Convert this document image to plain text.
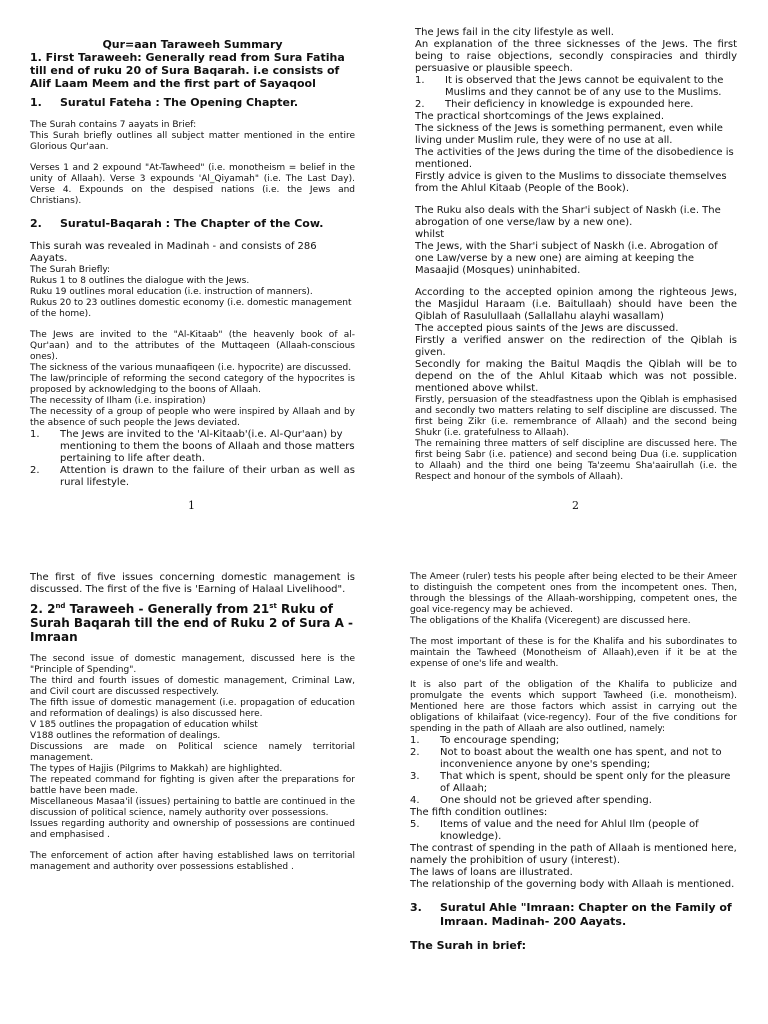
Qur=aan Taraweeh Summary

1. First Taraweeh: Generally read from Sura Fatiha till end of ruku 20 of Sura Baqarah. i.e consists of Alif Laam Meem and the first part of Sayaqool

1.	Suratul Fateha : The Opening Chapter.

The Surah contains 7 aayats in Brief:

This Surah briefly outlines all subject matter mentioned in the entire Glorious Qur'aan.

Verses 1 and 2 expound "At-Tawheed" (i.e. monotheism = belief in the unity of Allaah). Verse 3 expounds 'Al_Qiyamah" (i.e. The Last Day). Verse 4. Expounds on the despised nations (i.e. the Jews and Christians).

2.	Suratul-Baqarah : The Chapter of the Cow.

This surah was revealed in Madinah - and consists of 286 Aayats.

The Surah Briefly:

Rukus 1 to 8 outlines the dialogue with the Jews.

Ruku 19 outlines moral education (i.e. instruction of manners).

Rukus 20 to 23 outlines domestic economy (i.e. domestic management of the home).

The Jews are invited to the "Al-Kitaab" (the heavenly book of al-Qur'aan) and to the attributes of the Muttaqeen (Allaah-conscious ones).

The sickness of the various munaafiqeen (i.e. hypocrite) are discussed.

The law/principle of reforming the second category of the hypocrites is proposed by acknowledging to the boons of Allaah.

The necessity of Ilham (i.e. inspiration)

The necessity of a group of people who were inspired by Allaah and by the absence of such people the Jews deviated.

1.	The Jews are invited to the 'Al-Kitaab'(i.e. Al-Qur'aan) by mentioning to them the boons of Allaah and those matters pertaining to life after death.
2.	Attention is drawn to the failure of their urban as well as rural lifestyle.
1

The Jews fail in the city lifestyle as well.

An explanation of the three sicknesses of the Jews. The first being to raise objections, secondly conspiracies and thirdly persuasive or plausible speech.

1.	It is observed that the Jews cannot be equivalent to the Muslims and they cannot be of any use to the Muslims.
2.	Their deficiency in knowledge is expounded here.

The practical shortcomings of the Jews explained.

The sickness of the Jews is something permanent, even while living under Muslim rule, they were of no use at all.

The activities of the Jews during the time of the disobedience is mentioned.

Firstly advice is given to the Muslims to dissociate themselves from the Ahlul Kitaab (People of the Book).

The Ruku also deals with the Shar'i subject of Naskh (i.e. The abrogation of one verse/law by a new one).

whilst

The Jews, with the Shar'i subject of Naskh (i.e. Abrogation of one Law/verse by a new one) are aiming at keeping the Masaajid (Mosques) uninhabited.

According to the accepted opinion among the righteous Jews, the Masjidul Haraam (i.e. Baitullaah) should have been the Qiblah of Rasulullaah (Sallallahu alayhi wasallam)

The accepted pious saints of the Jews are discussed.

Firstly a verified answer on the redirection of the Qiblah is given.

Secondly for making the Baitul Maqdis the Qiblah will be to depend on the of the Ahlul Kitaab which was not possible. mentioned above whilst.

Firstly, persuasion of the steadfastness upon the Qiblah is emphasised and secondly two matters relating to self discipline are discussed. The first being Zikr (i.e. remembrance of Allaah) and the second being Shukr (i.e. gratefulness to Allaah).

The remaining three matters of self discipline are discussed here. The first being Sabr (i.e. patience) and second being Dua (i.e. supplication to Allaah) and the third one being Ta'zeemu Sha'aairullah (i.e. the Respect and honour of the symbols of Allaah).

2

The first of five issues concerning domestic management is discussed. The first of the five is 'Earning of Halaal Livelihood".

2. 2nd Taraweeh - Generally from 21st Ruku of Surah Baqarah till the end of Ruku 2 of Sura A -Imraan

The second issue of domestic management, discussed here is the "Principle of Spending".

The third and fourth issues of domestic management, Criminal Law, and Civil court are discussed respectively.

The fifth issue of domestic management (i.e. propagation of education and reformation of dealings) is also discussed here.

V 185 outlines the propagation of education whilst

V188 outlines the reformation of dealings.

Discussions are made on Political science namely territorial management.

The types of Hajjis (Pilgrims to Makkah) are highlighted.

The repeated command for fighting is given after the preparations for battle have been made.

Miscellaneous Masaa'il (issues) pertaining to battle are continued in the discussion of political science, namely authority over possessions.

Issues regarding authority and ownership of possessions are continued and emphasised .

The enforcement of action after having established laws on territorial management and authority over possessions established .

The Ameer (ruler) tests his people after being elected to be their Ameer to distinguish the competent ones from the incompetent ones. Then, through the blessings of the Allaah-worshipping, competent ones, the goal vice-regency may be achieved.

The obligations of the Khalifa (Viceregent) are discussed here.

The most important of these is for the Khalifa and his subordinates to maintain the Tawheed (Monotheism of Allaah),even if it be at the expense of one's life and wealth.

It is also part of the obligation of the Khalifa to publicize and promulgate the events which support Tawheed (i.e. monotheism). Mentioned here are those factors which assist in carrying out the obligations of khilaifaat (vice-regency). Four of the five conditions for spending in the path of Allaah are also outlined, namely:

1.	To encourage spending;
2.	Not to boast about the wealth one has spent, and not to inconvenience anyone by one's spending;
3.	That which is spent, should be spent only for the pleasure of Allaah;
4.	One should not be grieved after spending.

The fifth condition outlines:

5.	Items of value and the need for Ahlul Ilm (people of knowledge).

The contrast of spending in the path of Allaah is mentioned here, namely the prohibition of usury (interest).

The laws of loans are illustrated.

The relationship of the governing body with Allaah is mentioned.

3.	Suratul Ahle "Imraan: Chapter on the Family of Imraan. Madinah- 200 Aayats.

The Surah in brief:
